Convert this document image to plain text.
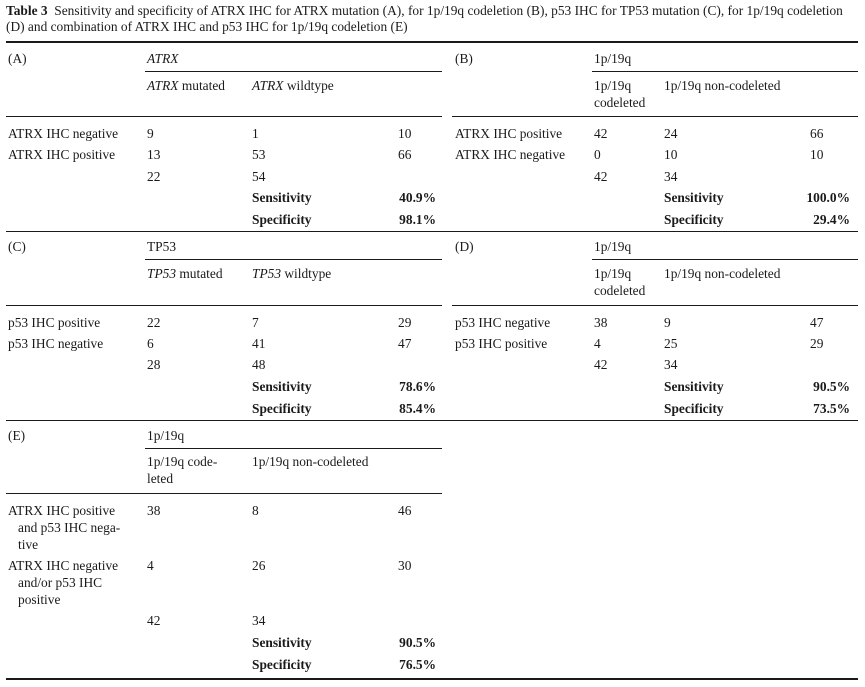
Table 3 Sensitivity and specificity of ATRX IHC for ATRX mutation (A), for 1p/19q codeletion (B), p53 IHC for TP53 mutation (C), for 1p/19q codeletion (D) and combination of ATRX IHC and p53 IHC for 1p/19q codeletion (E)
(A)	ATRX
ATRX mutated ATRX wildtype
ATRX IHC negative 9	1	10
ATRX IHC positive 13	53	66
22	54
Sensitivity	40.9%
Specificity	98.1%
(B)	1p/19q
1p/19q
codeleted
1p/19q non-codeleted
ATRX IHC positive 42	24	66
ATRX IHC negative 0	10	10
42	34
Sensitivity	100.0%
Specificity	29.4%
(C)	TP53
TP53 mutated TP53 wildtype
p53 IHC positive	22	7	29
p53 IHC negative	6	41	47
28	48
Sensitivity	78.6%
Specificity	85.4%
(D)	1p/19q
1p/19q
codeleted
1p/19q non-codeleted
p53 IHC negative	38	9	47
p53 IHC positive	4	25	29
42	34
Sensitivity	90.5%
Specificity	73.5%
(E)	1p/19q
1p/19q code-
leted
1p/19q non-codeleted
ATRX IHC positive
and p53 IHC nega-
tive
38	8	46
ATRX IHC negative
and/or p53 IHC
positive
4	26	30
42	34
Sensitivity	90.5%
Specificity	76.5%
